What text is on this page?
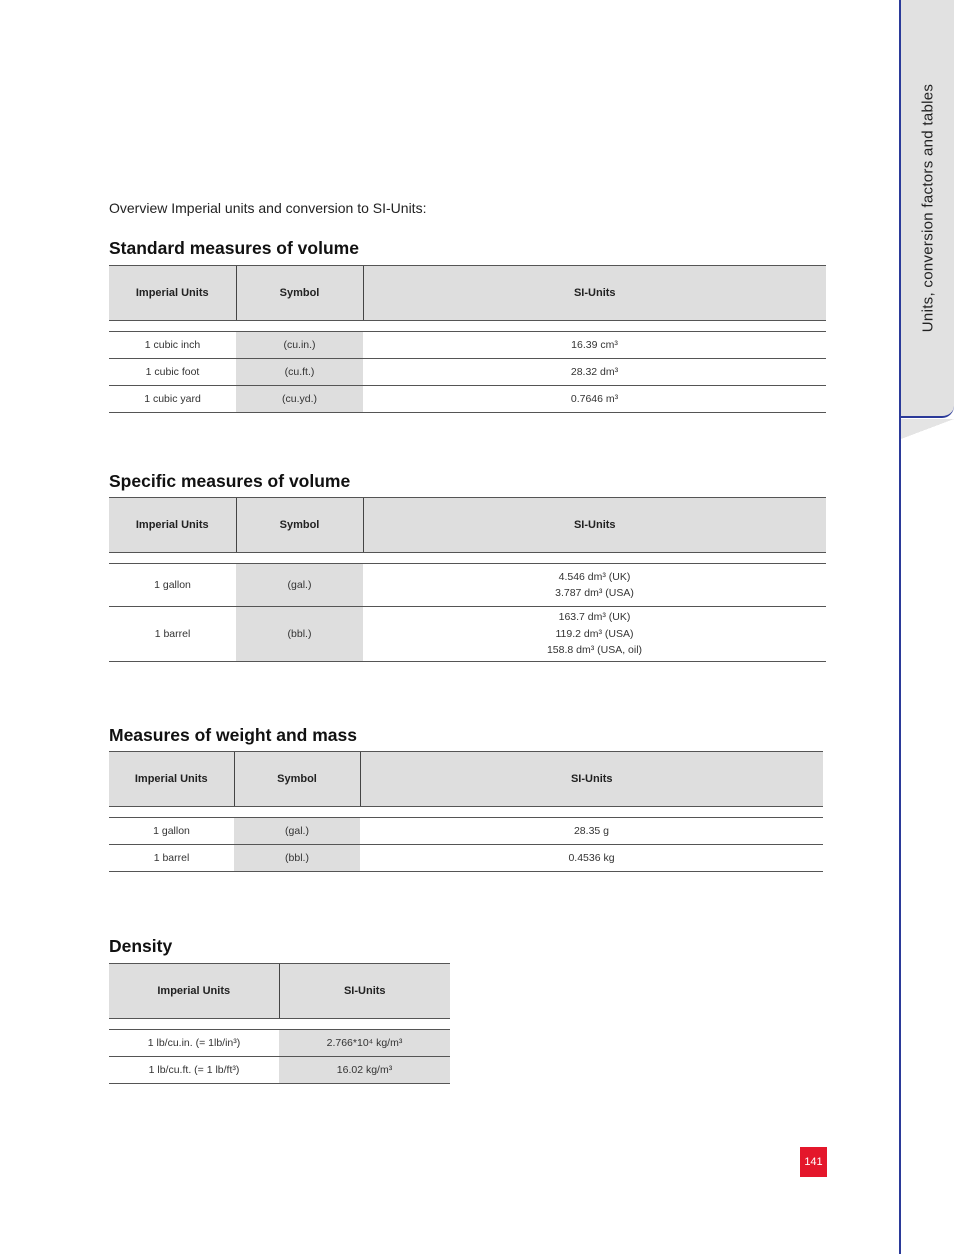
Units, conversion factors and tables
Overview Imperial units and conversion to SI-Units:
Standard measures of volume
Imperial Units	Symbol	SI-Units

1 cubic inch	(cu.in.)	16.39 cm³
1 cubic foot	(cu.ft.)	28.32 dm³
1 cubic yard	(cu.yd.)	0.7646 m³
Specific measures of volume
Imperial Units	Symbol	SI-Units

1 gallon	(gal.)	4.546 dm³ (UK)
3.787 dm³ (USA)

1 barrel	(bbl.)	163.7 dm³ (UK)
119.2 dm³ (USA)
158.8 dm³ (USA, oil)
Measures of weight and mass
Imperial Units	Symbol	SI-Units

1 gallon	(gal.)	28.35 g
1 barrel	(bbl.)	0.4536 kg
Density
Imperial Units	SI-Units

1 lb/cu.in. (= 1lb/in³)	2.766*10⁴ kg/m³
1 lb/cu.ft. (= 1 lb/ft³)	16.02 kg/m³
141
